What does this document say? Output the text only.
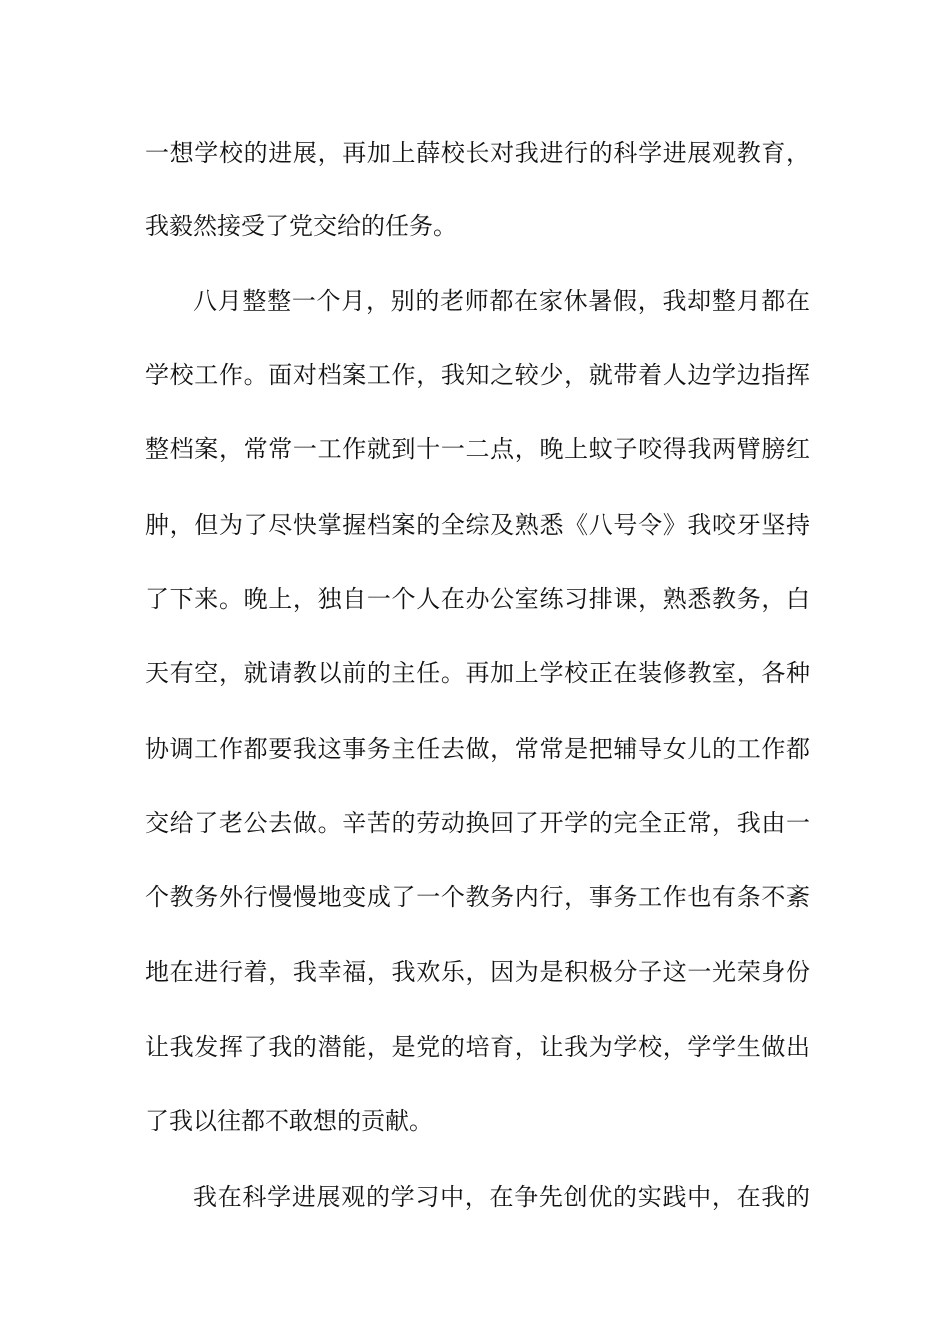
一想学校的进展，再加上薛校长对我进行的科学进展观教育，
我毅然接受了党交给的任务。
八月整整一个月，别的老师都在家休暑假，我却整月都在
学校工作。面对档案工作，我知之较少，就带着人边学边指挥
整档案，常常一工作就到十一二点，晚上蚊子咬得我两臂膀红
肿，但为了尽快掌握档案的全综及熟悉《八号令》我咬牙坚持
了下来。晚上，独自一个人在办公室练习排课，熟悉教务，白
天有空，就请教以前的主任。再加上学校正在装修教室，各种
协调工作都要我这事务主任去做，常常是把辅导女儿的工作都
交给了老公去做。辛苦的劳动换回了开学的完全正常，我由一
个教务外行慢慢地变成了一个教务内行，事务工作也有条不紊
地在进行着，我幸福，我欢乐，因为是积极分子这一光荣身份
让我发挥了我的潜能，是党的培育，让我为学校，学学生做出
了我以往都不敢想的贡献。
我在科学进展观的学习中，在争先创优的实践中，在我的
